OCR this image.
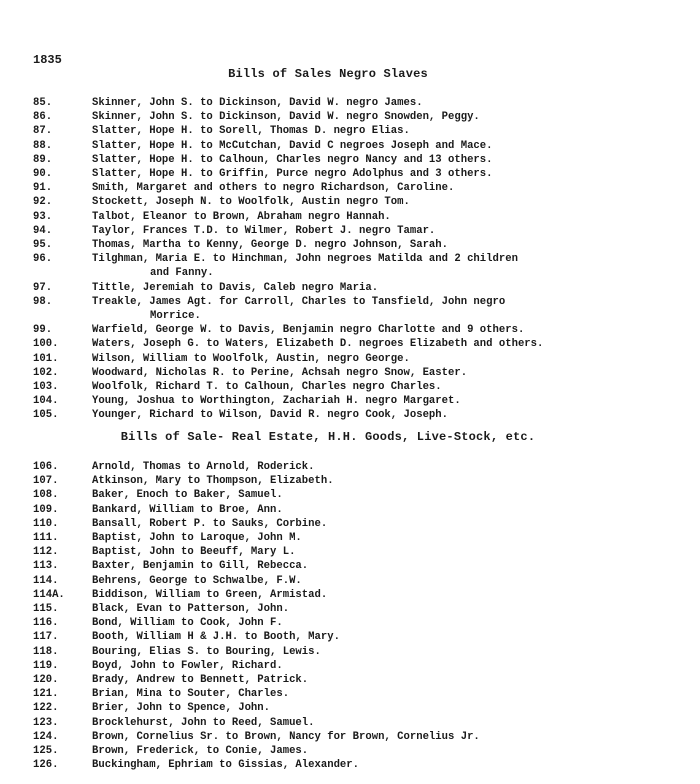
1835
Bills of Sales Negro Slaves
85.	Skinner, John S. to Dickinson, David W. negro James.
86.	Skinner, John S. to Dickinson, David W. negro Snowden, Peggy.
87.	Slatter, Hope H. to Sorell, Thomas D. negro Elias.
88.	Slatter, Hope H. to McCutchan, David C negroes Joseph and Mace.
89.	Slatter, Hope H. to Calhoun, Charles negro Nancy and 13 others.
90.	Slatter, Hope H. to Griffin, Purce negro Adolphus and 3 others.
91.	Smith, Margaret and others to negro Richardson, Caroline.
92.	Stockett, Joseph N. to Woolfolk, Austin negro Tom.
93.	Talbot, Eleanor to Brown, Abraham negro Hannah.
94.	Taylor, Frances T.D. to Wilmer, Robert J. negro Tamar.
95.	Thomas, Martha to Kenny, George D. negro Johnson, Sarah.
96.	Tilghman, Maria E. to Hinchman, John negroes Matilda and 2 children
and Fanny.
97.	Tittle, Jeremiah to Davis, Caleb negro Maria.
98.	Treakle, James Agt. for Carroll, Charles to Tansfield, John negro
Morrice.
99.	Warfield, George W. to Davis, Benjamin negro Charlotte and 9 others.
100.	Waters, Joseph G. to Waters, Elizabeth D. negroes Elizabeth and others.
101.	Wilson, William to Woolfolk, Austin, negro George.
102.	Woodward, Nicholas R. to Perine, Achsah negro Snow, Easter.
103.	Woolfolk, Richard T. to Calhoun, Charles negro Charles.
104.	Young, Joshua to Worthington, Zachariah H. negro Margaret.
105.	Younger, Richard to Wilson, David R. negro Cook, Joseph.
Bills of Sale- Real Estate, H.H. Goods, Live-Stock, etc.
106.	Arnold, Thomas to Arnold, Roderick.
107.	Atkinson, Mary to Thompson, Elizabeth.
108.	Baker, Enoch to Baker, Samuel.
109.	Bankard, William to Broe, Ann.
110.	Bansall, Robert P. to Sauks, Corbine.
111.	Baptist, John to Laroque, John M.
112.	Baptist, John to Beeuff, Mary L.
113.	Baxter, Benjamin to Gill, Rebecca.
114.	Behrens, George to Schwalbe, F.W.
114A.	Biddison, William to Green, Armistad.
115.	Black, Evan to Patterson, John.
116.	Bond, William to Cook, John F.
117.	Booth, William H & J.H. to Booth, Mary.
118.	Bouring, Elias S. to Bouring, Lewis.
119.	Boyd, John to Fowler, Richard.
120.	Brady, Andrew to Bennett, Patrick.
121.	Brian, Mina to Souter, Charles.
122.	Brier, John to Spence, John.
123.	Brocklehurst, John to Reed, Samuel.
124.	Brown, Cornelius Sr. to Brown, Nancy for Brown, Cornelius Jr.
125.	Brown, Frederick, to Conie, James.
126.	Buckingham, Ephriam to Gissias, Alexander.
